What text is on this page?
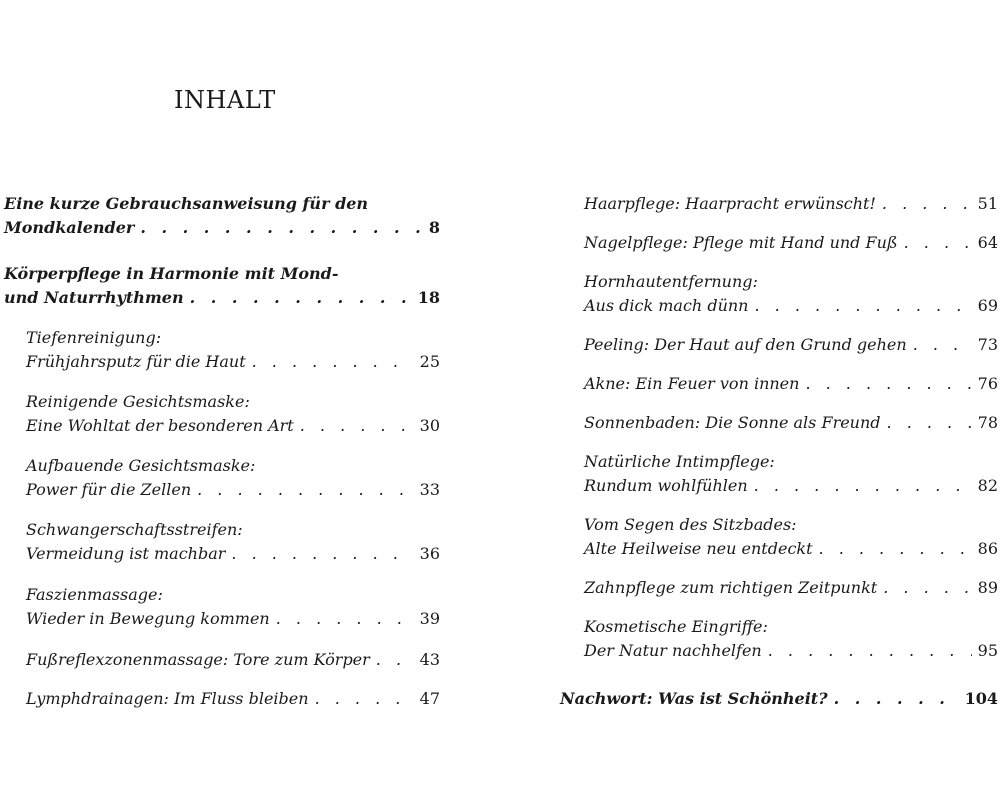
INHALT
Eine kurze Gebrauchsanweisung für den
Mondkalender . . .	8
Körperpflege in Harmonie mit Mond-
und Naturrhythmen . . .	18
Tiefenreinigung:
Frühjahrsputz für die Haut . . .	25
Reinigende Gesichtsmaske:
Eine Wohltat der besonderen Art . . .	30
Aufbauende Gesichtsmaske:
Power für die Zellen . . .	33
Schwangerschaftsstreifen:
Vermeidung ist machbar . . .	36
Faszienmassage:
Wieder in Bewegung kommen . . .	39
Fußreflexzonenmassage: Tore zum Körper . . .	43
Lymphdrainagen: Im Fluss bleiben . . .	47
Haarpflege: Haarpracht erwünscht! . . .	51
Nagelpflege: Pflege mit Hand und Fuß . . .	64
Hornhautentfernung:
Aus dick mach dünn . . .	69
Peeling: Der Haut auf den Grund gehen . . .	73
Akne: Ein Feuer von innen . . .	76
Sonnenbaden: Die Sonne als Freund . . .	78
Natürliche Intimpflege:
Rundum wohlfühlen . . .	82
Vom Segen des Sitzbades:
Alte Heilweise neu entdeckt . . .	86
Zahnpflege zum richtigen Zeitpunkt . . .	89
Kosmetische Eingriffe:
Der Natur nachhelfen . . .	95
Nachwort: Was ist Schönheit? . . .	104
